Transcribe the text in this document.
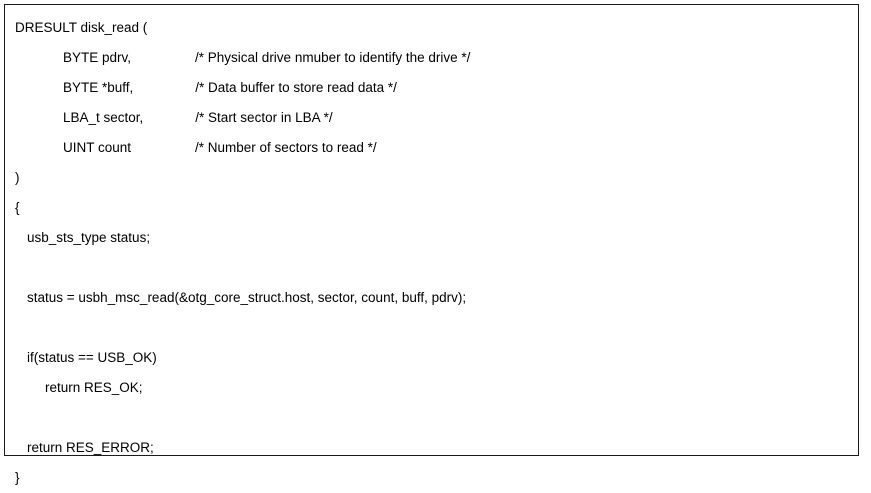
DRESULT disk_read (
BYTE pdrv,	/* Physical drive nmuber to identify the drive */
BYTE *buff,	/* Data buffer to store read data */
LBA_t sector,	/* Start sector in LBA */
UINT count	/* Number of sectors to read */
)
{
usb_sts_type status;
status = usbh_msc_read(&otg_core_struct.host, sector, count, buff, pdrv);
if(status == USB_OK)
return RES_OK;
return RES_ERROR;
}
